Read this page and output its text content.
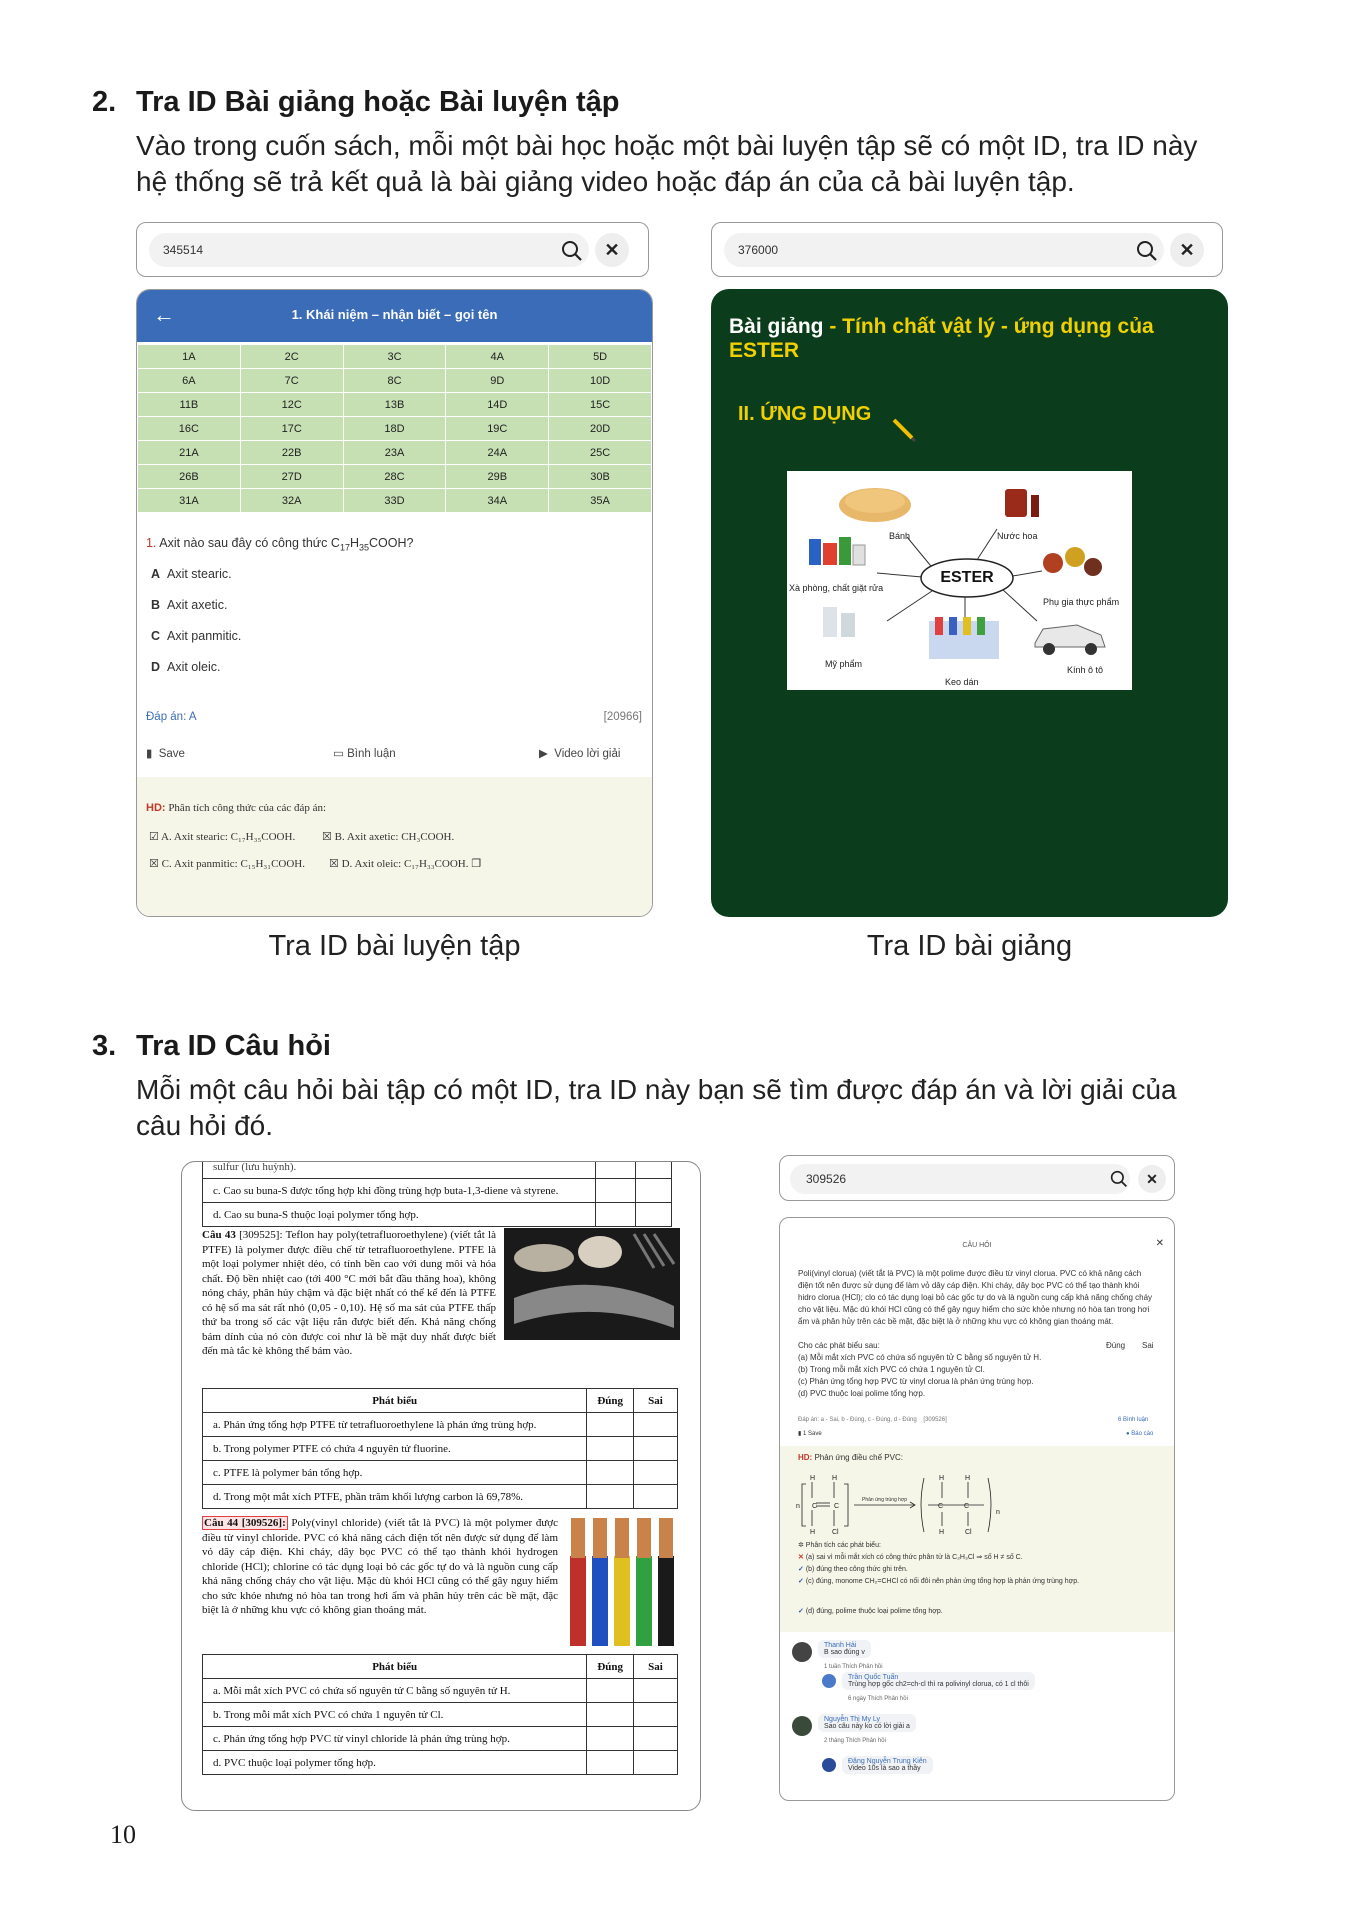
2. Tra ID Bài giảng hoặc Bài luyện tập
Vào trong cuốn sách, mỗi một bài học hoặc một bài luyện tập sẽ có một ID, tra ID này
hệ thống sẽ trả kết quả là bài giảng video hoặc đáp án của cả bài luyện tập.
345514	✕
←	1. Khái niệm – nhận biết – gọi tên
1A	2C	3C	4A	5D
6A	7C	8C	9D	10D
11B	12C	13B	14D	15C
16C	17C	18D	19C	20D
21A	22B	23A	24A	25C
26B	27D	28C	29B	30B
31A	32A	33D	34A	35A
1. Axit nào sau đây có công thức $C_{17}H_{35}COOH$?
A Axit stearic.
B Axit axetic.
C Axit panmitic.
D Axit oleic.
Đáp án: A	[20966]
▮ Save	▭ Bình luận	▶ Video lời giải
HD: Phân tích công thức của các đáp án:
☑ A. Axit stearic: C₁₇H₃₅COOH. ☒ B. Axit axetic: CH₃COOH.
☒ C. Axit panmitic: C₁₅H₃₁COOH. ☒ D. Axit oleic: C₁₇H₃₃COOH. ❐
Tra ID bài luyện tập
376000	✕
Bài giảng - Tính chất vật lý - ứng dụng của ESTER
II. ỨNG DỤNG
ESTER
Bánh	Nước hoa
Xà phòng, chất giặt rửa
Phụ gia thực phẩm
Mỹ phẩm
Kính ô tô
Keo dán
Tra ID bài giảng
3. Tra ID Câu hỏi
Mỗi một câu hỏi bài tập có một ID, tra ID này bạn sẽ tìm được đáp án và lời giải của
câu hỏi đó.
sulfur (lưu huỳnh).		
c. Cao su buna-S được tổng hợp khi đồng trùng hợp buta-1,3-diene và styrene.		
d. Cao su buna-S thuộc loại polymer tổng hợp.		
Câu 43 [309525]: Teflon hay poly(tetrafluoroethylene) (viết tắt là PTFE) là polymer được điều chế từ tetrafluoroethylene. PTFE là một loại polymer nhiệt dẻo, có tính bền cao với dung môi và hóa chất. Độ bền nhiệt cao (tới 400 °C mới bắt đầu thăng hoa), không nóng chảy, phân hủy chậm và đặc biệt nhất có thể kể đến là PTFE có hệ số ma sát rất nhỏ (0,05 - 0,10). Hệ số ma sát của PTFE thấp thứ ba trong số các vật liệu rắn được biết đến. Khả năng chống bám dính của nó còn được coi như là bề mặt duy nhất được biết đến mà tắc kè không thể bám vào.
Phát biểu	Đúng	Sai
a. Phản ứng tổng hợp PTFE từ tetrafluoroethylene là phản ứng trùng hợp.		
b. Trong polymer PTFE có chứa 4 nguyên tử fluorine.		
c. PTFE là polymer bán tổng hợp.		
d. Trong một mắt xích PTFE, phần trăm khối lượng carbon là 69,78%.		
Câu 44 [309526]: Poly(vinyl chloride) (viết tắt là PVC) là một polymer được điều từ vinyl chloride. PVC có khả năng cách điện tốt nên được sử dụng để làm vỏ dây cáp điện. Khi cháy, dây bọc PVC có thể tạo thành khói hydrogen chloride (HCl); chlorine có tác dụng loại bỏ các gốc tự do và là nguồn cung cấp khả năng chống cháy cho vật liệu. Mặc dù khói HCl cũng có thể gây nguy hiểm cho sức khỏe nhưng nó hòa tan trong hơi ẩm và phân hủy trên các bề mặt, đặc biệt là ở những khu vực có không gian thoáng mát.
Phát biểu	Đúng	Sai
a. Mỗi mắt xích PVC có chứa số nguyên tử C bằng số nguyên tử H.		
b. Trong mỗi mắt xích PVC có chứa 1 nguyên tử Cl.		
c. Phản ứng tổng hợp PVC từ vinyl chloride là phản ứng trùng hợp.		
d. PVC thuộc loại polymer tổng hợp.		
309526	✕
CÂU HỎI	✕
Poli(vinyl clorua) (viết tắt là PVC) là một polime được điều từ vinyl clorua. PVC có khả năng cách điện tốt nên được sử dụng để làm vỏ dây cáp điện. Khi cháy, dây bọc PVC có thể tạo thành khói hidro clorua (HCl); clo có tác dụng loại bỏ các gốc tự do và là nguồn cung cấp khả năng chống cháy cho vật liệu. Mặc dù khói HCl cũng có thể gây nguy hiểm cho sức khỏe nhưng nó hòa tan trong hơi ẩm và phân hủy trên các bề mặt, đặc biệt là ở những khu vực có không gian thoáng mát.
Cho các phát biểu sau:	Đúng Sai
(a) Mỗi mắt xích PVC có chứa số nguyên tử C bằng số nguyên tử H.
(b) Trong mỗi mắt xích PVC có chứa 1 nguyên tử Cl.
(c) Phản ứng tổng hợp PVC từ vinyl clorua là phản ứng trùng hợp.
(d) PVC thuộc loại polime tổng hợp.
Đáp án: a - Sai, b - Đúng, c - Đúng, d - Đúng [309526]
▮ 1 Save
6 Bình luận
● Báo cáo
HD: Phản ứng điều chế PVC:
H H
H Cl
n C C
H	H
H	Cl
C	C
n
Phản ứng trùng hợp
✲ Phân tích các phát biểu:
✕ (a) sai vì mỗi mắt xích có công thức phân tử là C₂H₃Cl ⇒ số H ≠ số C.
✓ (b) đúng theo công thức ghi trên.
✓ (c) đúng, monome CH₂=CHCl có nối đôi nên phản ứng tổng hợp là phản ứng trùng hợp.
✓ (d) đúng, polime thuộc loại polime tổng hợp.
Thanh Hải
B sao đúng v
1 tuần Thích Phản hồi
Trần Quốc Tuấn
Trùng hợp gốc ch2=ch-cl thì ra polivinyl clorua, có 1 cl thôi
6 ngày Thích Phản hồi
Nguyễn Thị My Ly
Sao câu này ko có lời giải a
2 tháng Thích Phản hồi
Đặng Nguyễn Trung Kiên
Video 10s là sao a thầy
10
